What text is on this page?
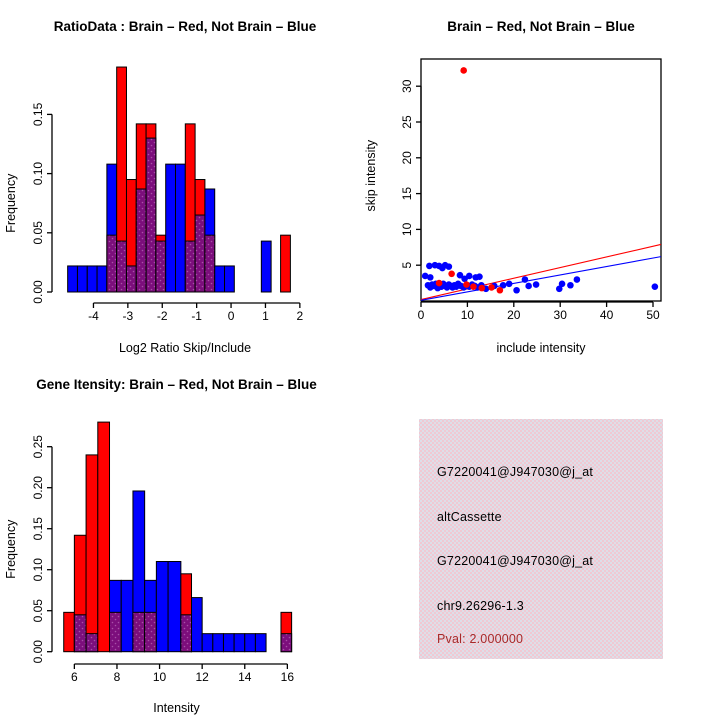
RatioData : Brain – Red, Not Brain – Blue
-4 -3 -2 -1 0 1 2
Log2 Ratio Skip/Include
0.00
0.05
0.10
0.15
Frequency
Brain – Red, Not Brain – Blue
0	10	20	30	40	50
include intensity
5
10
15
20
25
30
skip intensity
Gene Itensity: Brain – Red, Not Brain – Blue
6	8	10 12 14 16
Intensity
0.00
0.05
0.10
0.15
0.20
0.25
Frequency
G7220041@J947030@j_at
altCassette
G7220041@J947030@j_at
chr9.26296-1.3
Pval: 2.000000
